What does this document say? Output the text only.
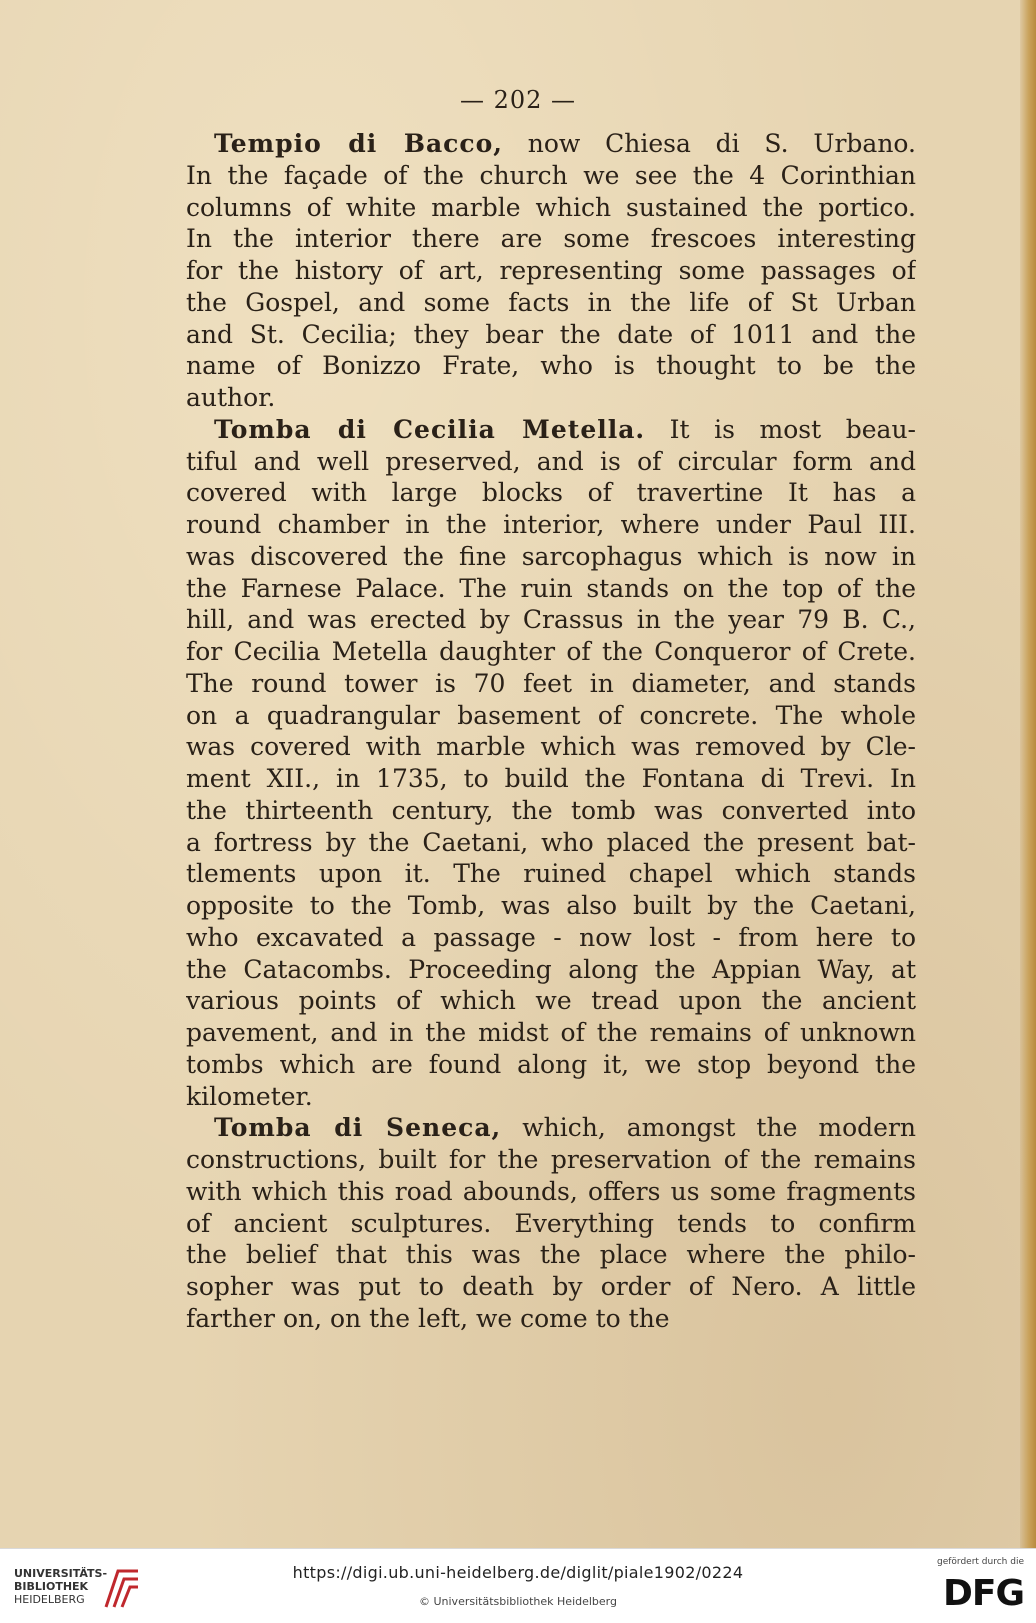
— 202 —
Tempio di Bacco, now Chiesa di S. Urbano.
In the façade of the church we see the 4 Corinthian
columns of white marble which sustained the portico.
In the interior there are some frescoes interesting
for the history of art, representing some passages of
the Gospel, and some facts in the life of St Urban
and St. Cecilia; they bear the date of 1011 and the
name of Bonizzo Frate, who is thought to be the
author.
Tomba di Cecilia Metella. It is most beau-
tiful and well preserved, and is of circular form and
covered with large blocks of travertine It has a
round chamber in the interior, where under Paul III.
was discovered the fine sarcophagus which is now in
the Farnese Palace. The ruin stands on the top of the
hill, and was erected by Crassus in the year 79 B. C.,
for Cecilia Metella daughter of the Conqueror of Crete.
The round tower is 70 feet in diameter, and stands
on a quadrangular basement of concrete. The whole
was covered with marble which was removed by Cle-
ment XII., in 1735, to build the Fontana di Trevi. In
the thirteenth century, the tomb was converted into
a fortress by the Caetani, who placed the present bat-
tlements upon it. The ruined chapel which stands
opposite to the Tomb, was also built by the Caetani,
who excavated a passage - now lost - from here to
the Catacombs. Proceeding along the Appian Way, at
various points of which we tread upon the ancient
pavement, and in the midst of the remains of unknown
tombs which are found along it, we stop beyond the
kilometer.
Tomba di Seneca, which, amongst the modern
constructions, built for the preservation of the remains
with which this road abounds, offers us some fragments
of ancient sculptures. Everything tends to confirm
the belief that this was the place where the philo-
sopher was put to death by order of Nero. A little
farther on, on the left, we come to the
UNIVERSITÄTS-
BIBLIOTHEK
HEIDELBERG
https://digi.ub.uni-heidelberg.de/diglit/piale1902/0224
© Universitätsbibliothek Heidelberg
gefördert durch die
DFG
